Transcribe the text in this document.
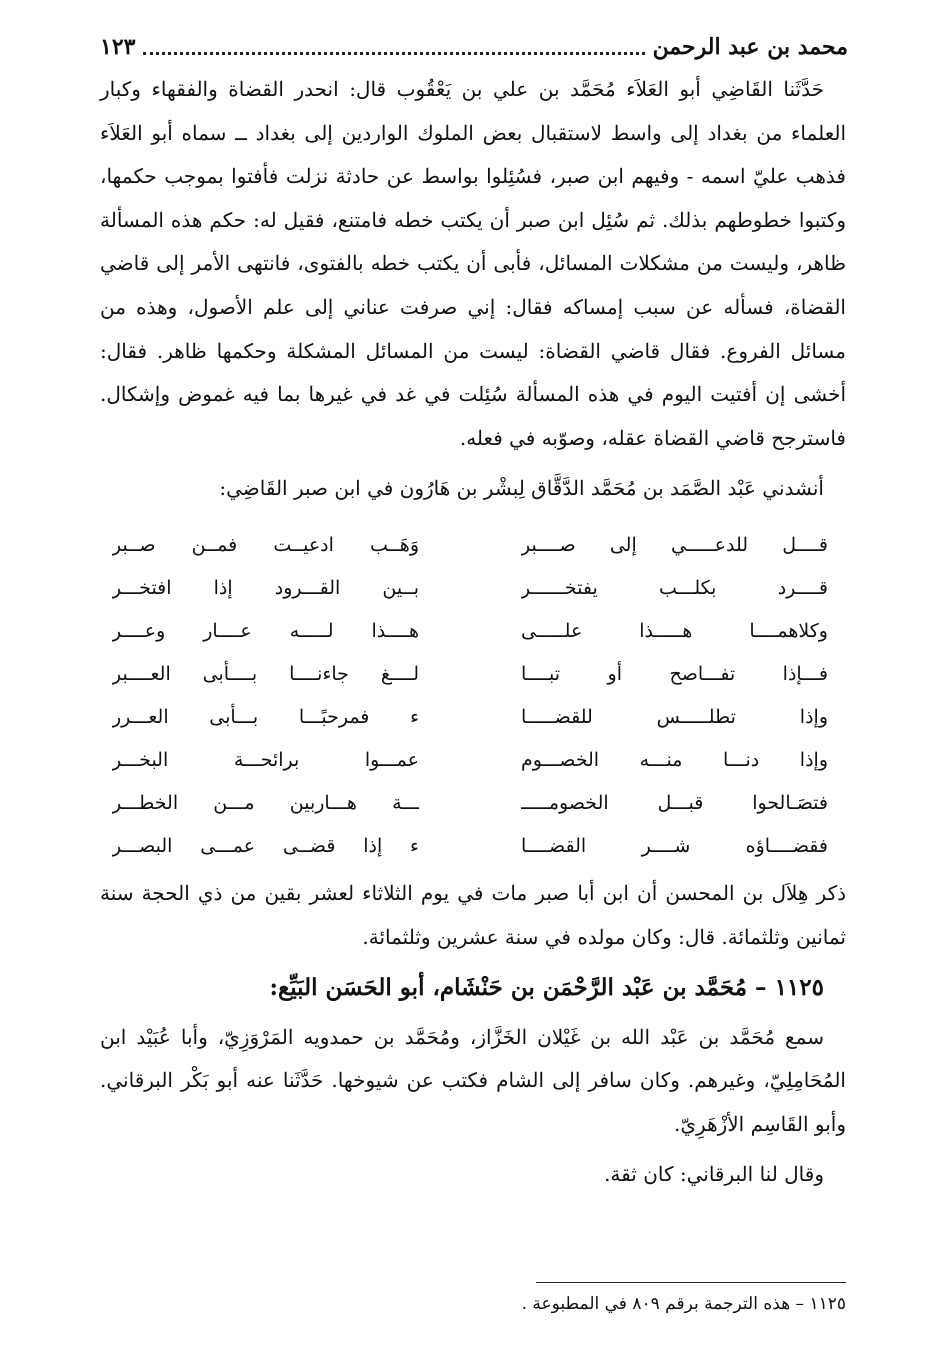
محمد بن عبد الرحمن
١٢٣

حَدَّثَنا القَاضِي أبو العَلاَء مُحَمَّد بن علي بن يَعْقُوب قال: انحدر القضاة والفقهاء وكبار العلماء من بغداد إلى واسط لاستقبال بعض الملوك الواردين إلى بغداد ــ سماه أبو العَلاَء فذهب عليّ اسمه - وفيهم ابن صبر، فسُئِلوا بواسط عن حادثة نزلت فأفتوا بموجب حكمها، وكتبوا خطوطهم بذلك. ثم سُئِل ابن صبر أن يكتب خطه فامتنع، فقيل له: حكم هذه المسألة ظاهر، وليست من مشكلات المسائل، فأبى أن يكتب خطه بالفتوى، فانتهى الأمر إلى قاضي القضاة، فسأله عن سبب إمساكه فقال: إني صرفت عناني إلى علم الأصول، وهذه من مسائل الفروع. فقال قاضي القضاة: ليست من المسائل المشكلة وحكمها ظاهر. فقال: أخشى إن أفتيت اليوم في هذه المسألة سُئِلت في غد في غيرها بما فيه غموض وإشكال. فاسترجح قاضي القضاة عقله، وصوّبه في فعله.

أنشدني عَبْد الصَّمَد بن مُحَمَّد الدَّقَّاق لِبشْر بن هَارُون في ابن صبر القَاضِي:
قــــل للدعـــــي إلى صــــبر
وَهَــب ادعيــت فمــن صــبر
قــــرد بكلـــب يفتخــــــر
بــين القـــرود إذا افتخـــر
وكلاهمــــا هـــــذا علـــــى
هــــذا لـــــه عــــار وعــــر
فـــإذا تفـــاصح أو تبــــا
لــــغ جاءنــــا بــــأبى العــــبر
وإذا تطلـــــس للقضـــــا
ء فمرحبًـــا بـــأبى العـــرر
وإذا دنـــا منـــه الخصـــوم
عمـــوا برائحـــة البخـــر
فتصَـالحوا قبـــل الخصومـــــ
ـــة هـــاربين مـــن الخطـــر
فقضــــاؤه شــــر القضــــا
ء إذا قضــى عمـــى البصـــر

ذكر هِلاَل بن المحسن أن ابن أبا صبر مات في يوم الثلاثاء لعشر بقين من ذي الحجة سنة ثمانين وثلثمائة. قال: وكان مولده في سنة عشرين وثلثمائة.

١١٢٥ – مُحَمَّد بن عَبْد الرَّحْمَن بن حَنْشَام، أبو الحَسَن البَيِّع:

سمع مُحَمَّد بن عَبْد الله بن غَيْلان الخَزَّاز، ومُحَمَّد بن حمدويه المَرْوَزِيّ، وأبا عُبَيْد ابن المُحَامِلِيّ، وغيرهم. وكان سافر إلى الشام فكتب عن شيوخها. حَدَّثَنا عنه أبو بَكْر البرقاني. وأبو القَاسِم الأزْهَرِيّ.

وقال لنا البرقاني: كان ثقة.
١١٢٥ – هذه الترجمة برقم ٨٠٩ في المطبوعة .
